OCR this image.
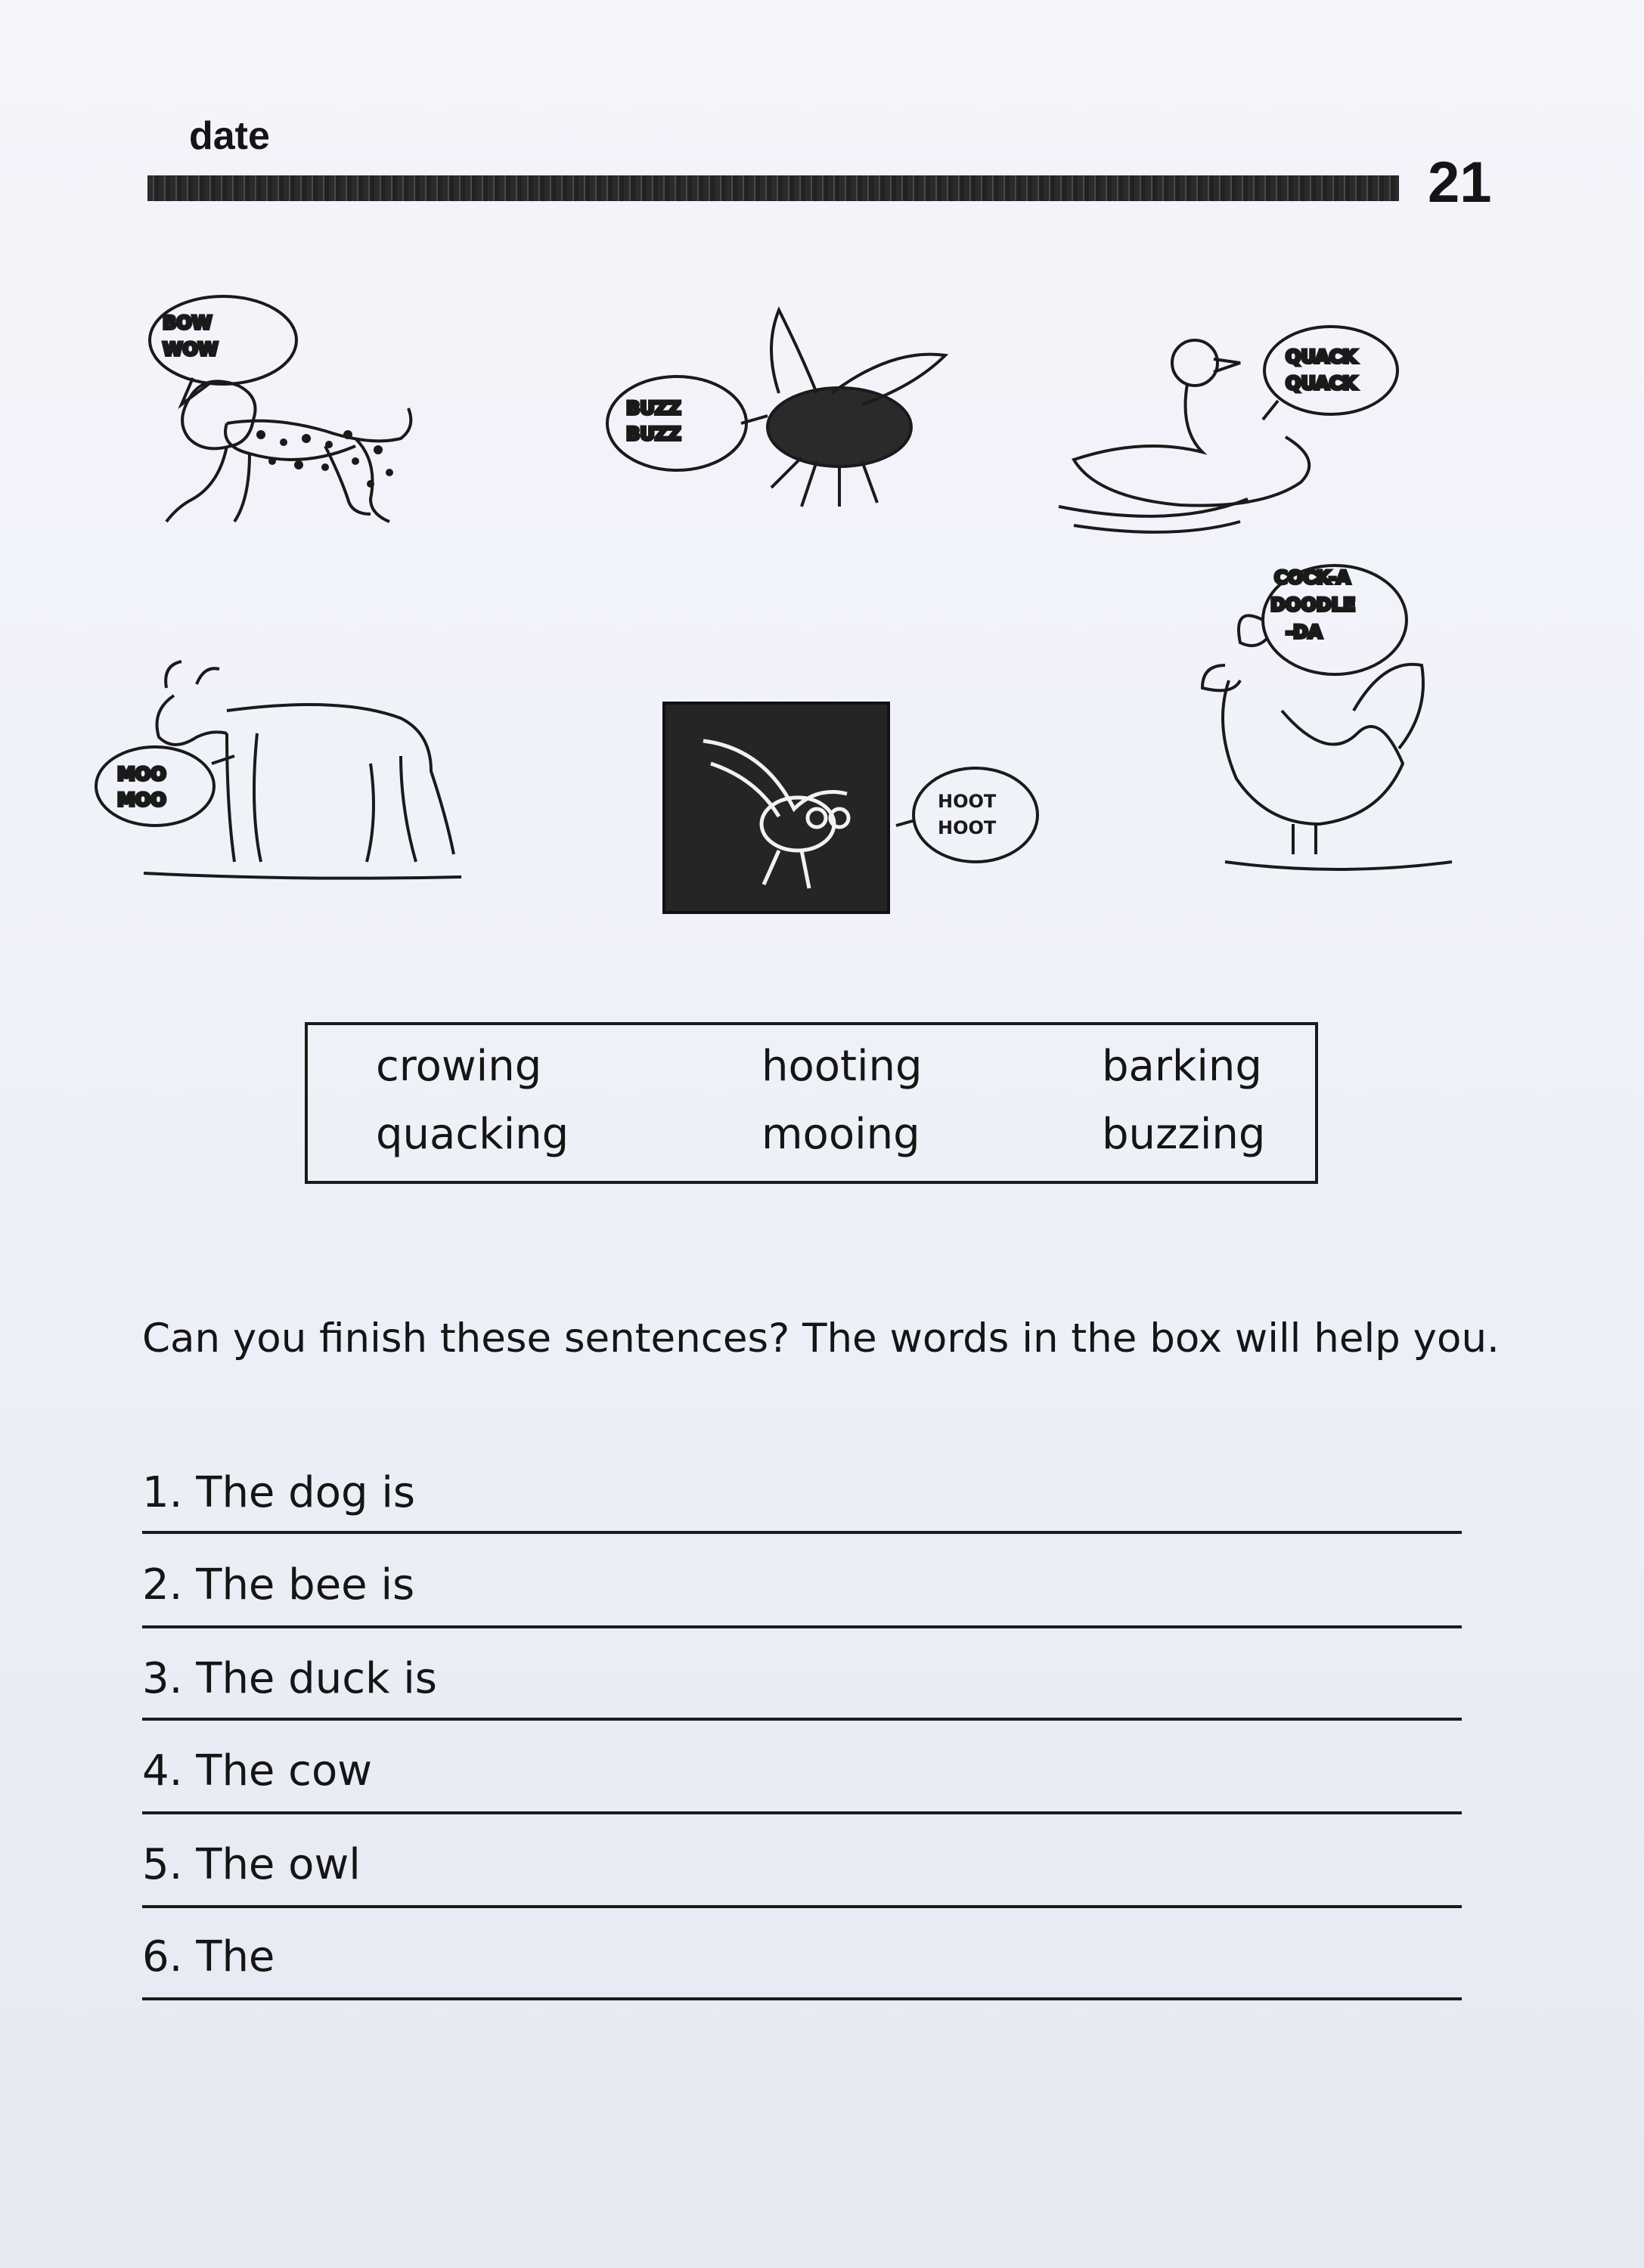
date
21
BOW
WOW
BUZZ
BUZZ
QUACK
QUACK
COCK-A
DOODLE
-DA
MOO
MOO	HOOT
HOOT
crowing	hooting	barking
quacking	mooing	buzzing
Can you finish these sentences? The words in the box will help you.
1. The dog is
2. The bee is
3. The duck is
4. The cow
5. The owl
6. The
